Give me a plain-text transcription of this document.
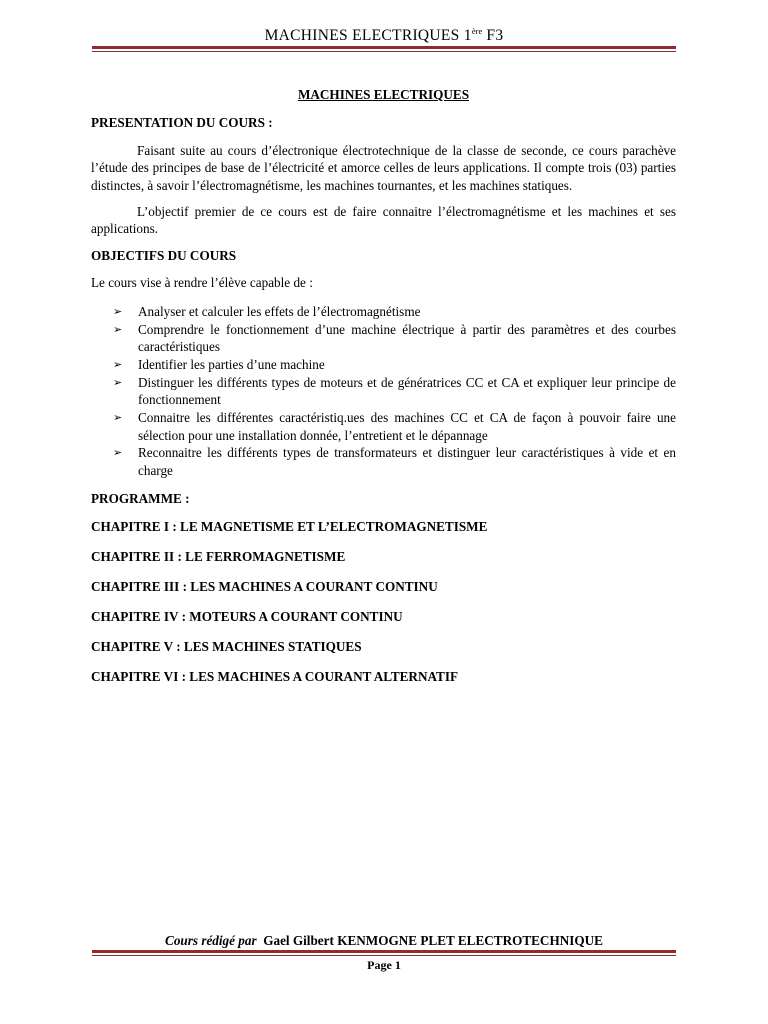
MACHINES ELECTRIQUES 1ère F3
MACHINES ELECTRIQUES
PRESENTATION DU COURS :

Faisant suite au cours d’électronique électrotechnique de la classe de seconde, ce cours parachève l’étude des principes de base de l’électricité et amorce celles de leurs applications. Il compte trois (03) parties distinctes, à savoir l’électromagnétisme, les machines tournantes, et les machines statiques.

L’objectif premier de ce cours est de faire connaitre l’électromagnétisme et les machines et ses applications.

OBJECTIFS DU COURS

Le cours vise à rendre l’élève capable de :

➢ Analyser et calculer les effets de l’électromagnétisme
➢ Comprendre le fonctionnement d’une machine électrique à partir des paramètres et des courbes caractéristiques
➢ Identifier les parties d’une machine
➢ Distinguer les différents types de moteurs et de génératrices CC et CA et expliquer leur principe de fonctionnement
➢ Connaitre les différentes caractéristiq.ues des machines CC et CA de façon à pouvoir faire une sélection pour une installation donnée, l’entretient et le dépannage
➢ Reconnaitre les différents types de transformateurs et distinguer leur caractéristiques à vide et en charge
PROGRAMME :
CHAPITRE I : LE MAGNETISME ET L’ELECTROMAGNETISME
CHAPITRE II : LE FERROMAGNETISME
CHAPITRE III : LES MACHINES A COURANT CONTINU
CHAPITRE IV : MOTEURS A COURANT CONTINU
CHAPITRE V : LES MACHINES STATIQUES
CHAPITRE VI : LES MACHINES A COURANT ALTERNATIF
Cours rédigé par Gael Gilbert KENMOGNE PLET ELECTROTECHNIQUE
Page 1
